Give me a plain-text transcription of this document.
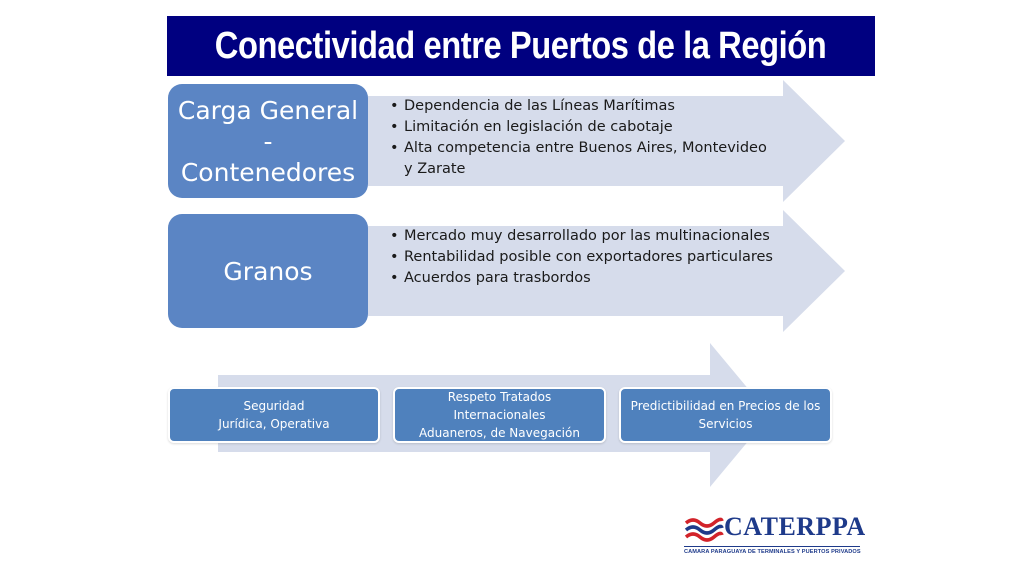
Conectividad entre Puertos de la Región
Carga General
-
Contenedores
• Dependencia de las Líneas Marítimas
• Limitación en legislación de cabotaje
• Alta competencia entre Buenos Aires, Montevideo y Zarate
Granos
• Mercado muy desarrollado por las multinacionales
• Rentabilidad posible con exportadores particulares
• Acuerdos para trasbordos
Seguridad
Jurídica, Operativa
Respeto Tratados Internacionales
Aduaneros, de Navegación
Predictibilidad en Precios de los
Servicios
CATERPPA
CAMARA PARAGUAYA DE TERMINALES Y PUERTOS PRIVADOS
